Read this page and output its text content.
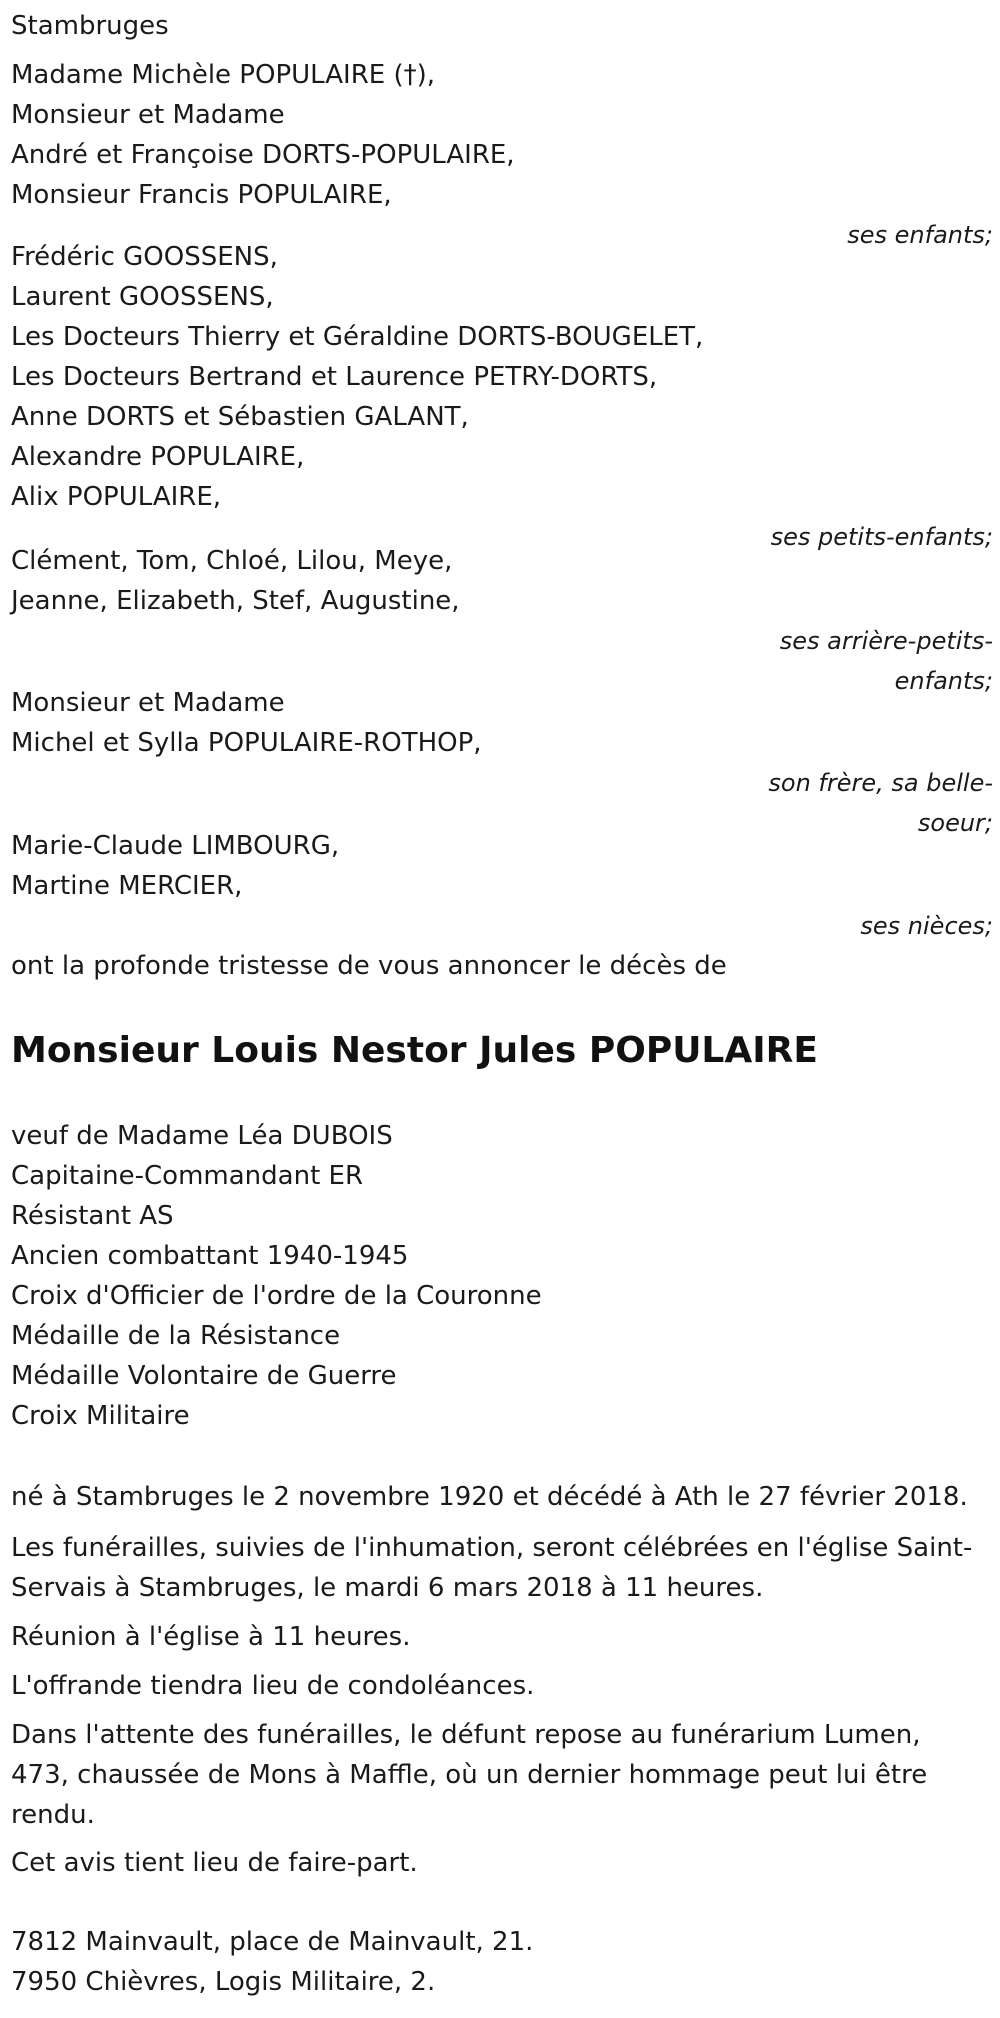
Stambruges
Madame Michèle POPULAIRE (†),
Monsieur et Madame
André et Françoise DORTS-POPULAIRE,
Monsieur Francis POPULAIRE,
ses enfants;
Frédéric GOOSSENS,
Laurent GOOSSENS,
Les Docteurs Thierry et Géraldine DORTS-BOUGELET,
Les Docteurs Bertrand et Laurence PETRY-DORTS,
Anne DORTS et Sébastien GALANT,
Alexandre POPULAIRE,
Alix POPULAIRE,
ses petits-enfants;
Clément, Tom, Chloé, Lilou, Meye,
Jeanne, Elizabeth, Stef, Augustine,
ses arrière-petits-
enfants;
Monsieur et Madame
Michel et Sylla POPULAIRE-ROTHOP,
son frère, sa belle-
soeur;
Marie-Claude LIMBOURG,
Martine MERCIER,
ses nièces;
ont la profonde tristesse de vous annoncer le décès de
Monsieur Louis Nestor Jules POPULAIRE
veuf de Madame Léa DUBOIS
Capitaine-Commandant ER
Résistant AS
Ancien combattant 1940-1945
Croix d'Officier de l'ordre de la Couronne
Médaille de la Résistance
Médaille Volontaire de Guerre
Croix Militaire
né à Stambruges le 2 novembre 1920 et décédé à Ath le 27 février 2018.
Les funérailles, suivies de l'inhumation, seront célébrées en l'église Saint-
Servais à Stambruges, le mardi 6 mars 2018 à 11 heures.
Réunion à l'église à 11 heures.
L'offrande tiendra lieu de condoléances.
Dans l'attente des funérailles, le défunt repose au funérarium Lumen,
473, chaussée de Mons à Maffle, où un dernier hommage peut lui être
rendu.
Cet avis tient lieu de faire-part.
7812 Mainvault, place de Mainvault, 21.
7950 Chièvres, Logis Militaire, 2.
